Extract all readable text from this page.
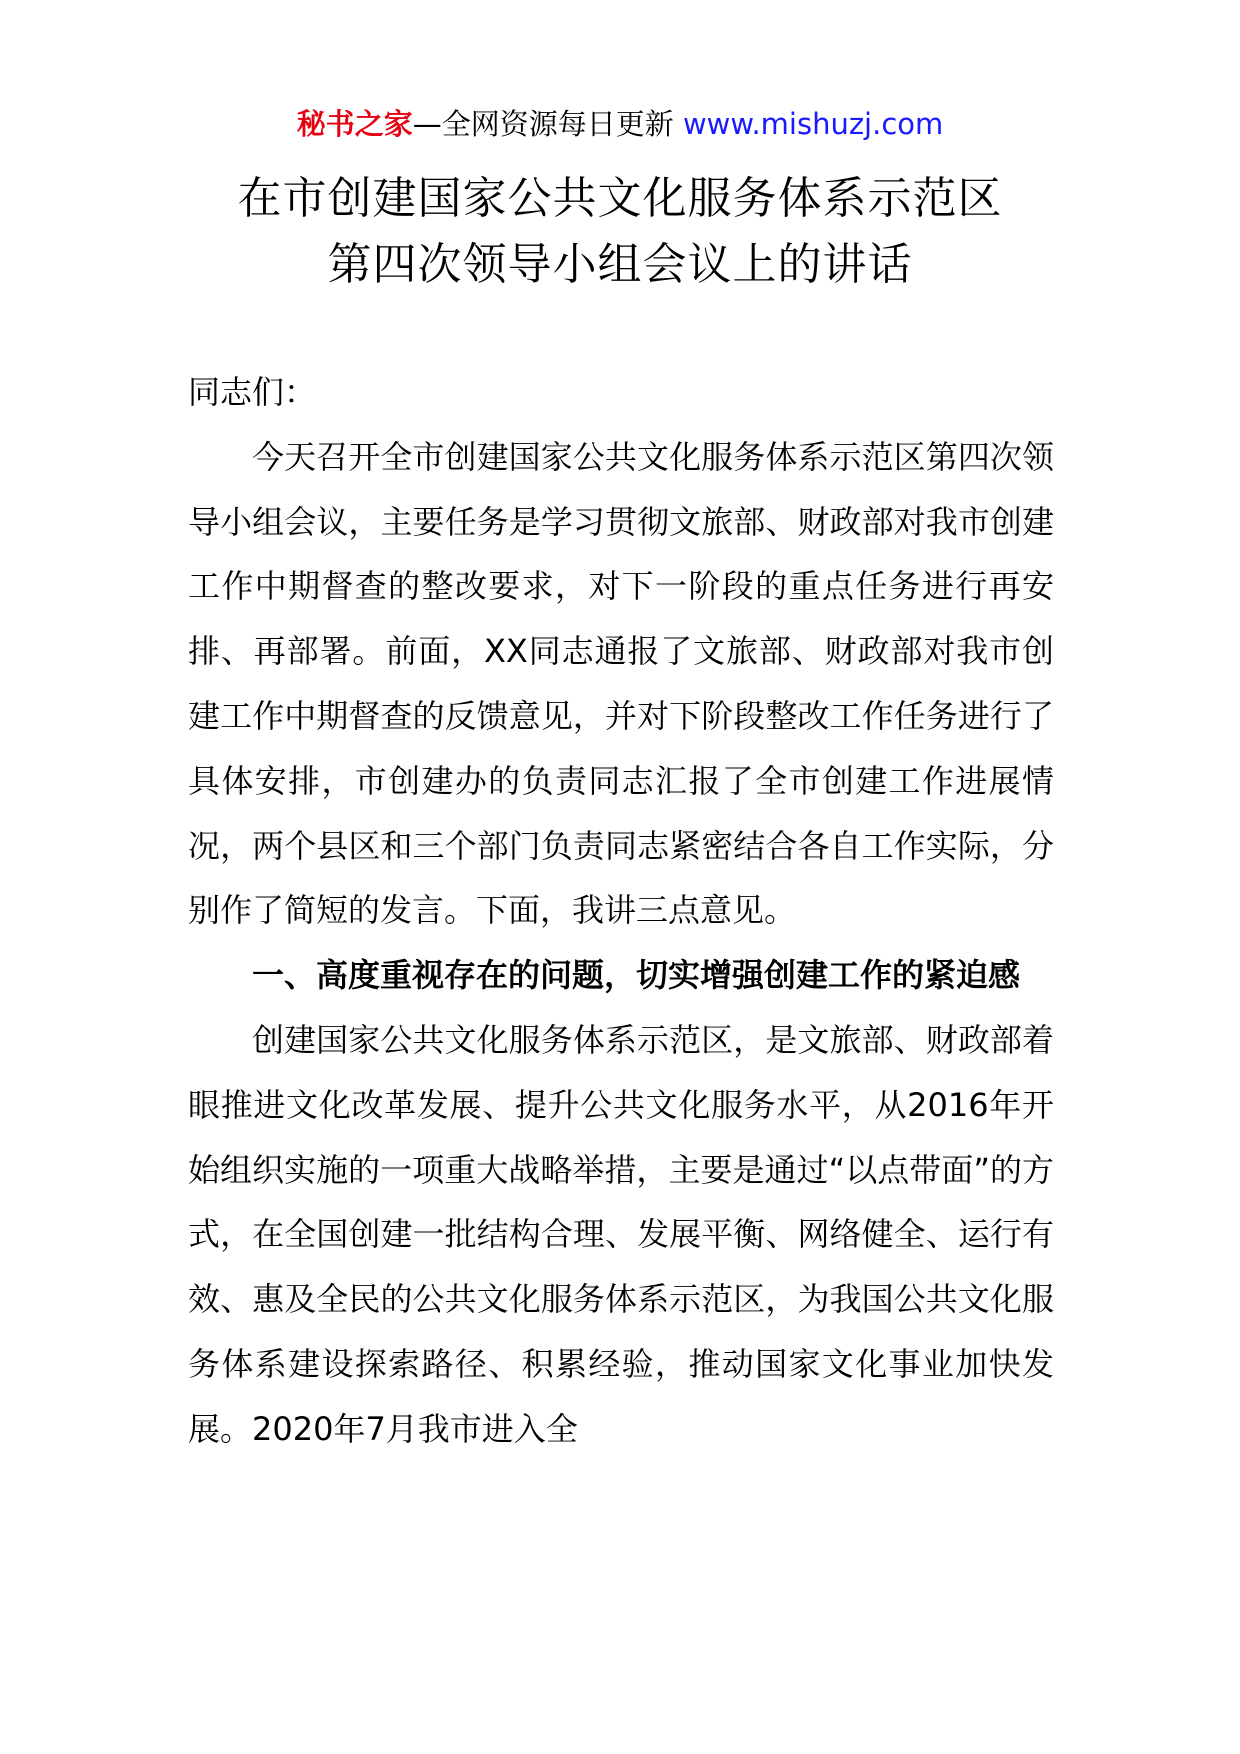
秘书之家—全网资源每日更新 www.mishuzj.com
在市创建国家公共文化服务体系示范区
第四次领导小组会议上的讲话

同志们：

今天召开全市创建国家公共文化服务体系示范区第四次领导小组会议，主要任务是学习贯彻文旅部、财政部对我市创建工作中期督查的整改要求，对下一阶段的重点任务进行再安排、再部署。前面，XX同志通报了文旅部、财政部对我市创建工作中期督查的反馈意见，并对下阶段整改工作任务进行了具体安排，市创建办的负责同志汇报了全市创建工作进展情况，两个县区和三个部门负责同志紧密结合各自工作实际，分别作了简短的发言。下面，我讲三点意见。

一、高度重视存在的问题，切实增强创建工作的紧迫感

创建国家公共文化服务体系示范区，是文旅部、财政部着眼推进文化改革发展、提升公共文化服务水平，从2016年开始组织实施的一项重大战略举措，主要是通过“以点带面”的方式，在全国创建一批结构合理、发展平衡、网络健全、运行有效、惠及全民的公共文化服务体系示范区，为我国公共文化服务体系建设探索路径、积累经验，推动国家文化事业加快发展。2020年7月我市进入全
